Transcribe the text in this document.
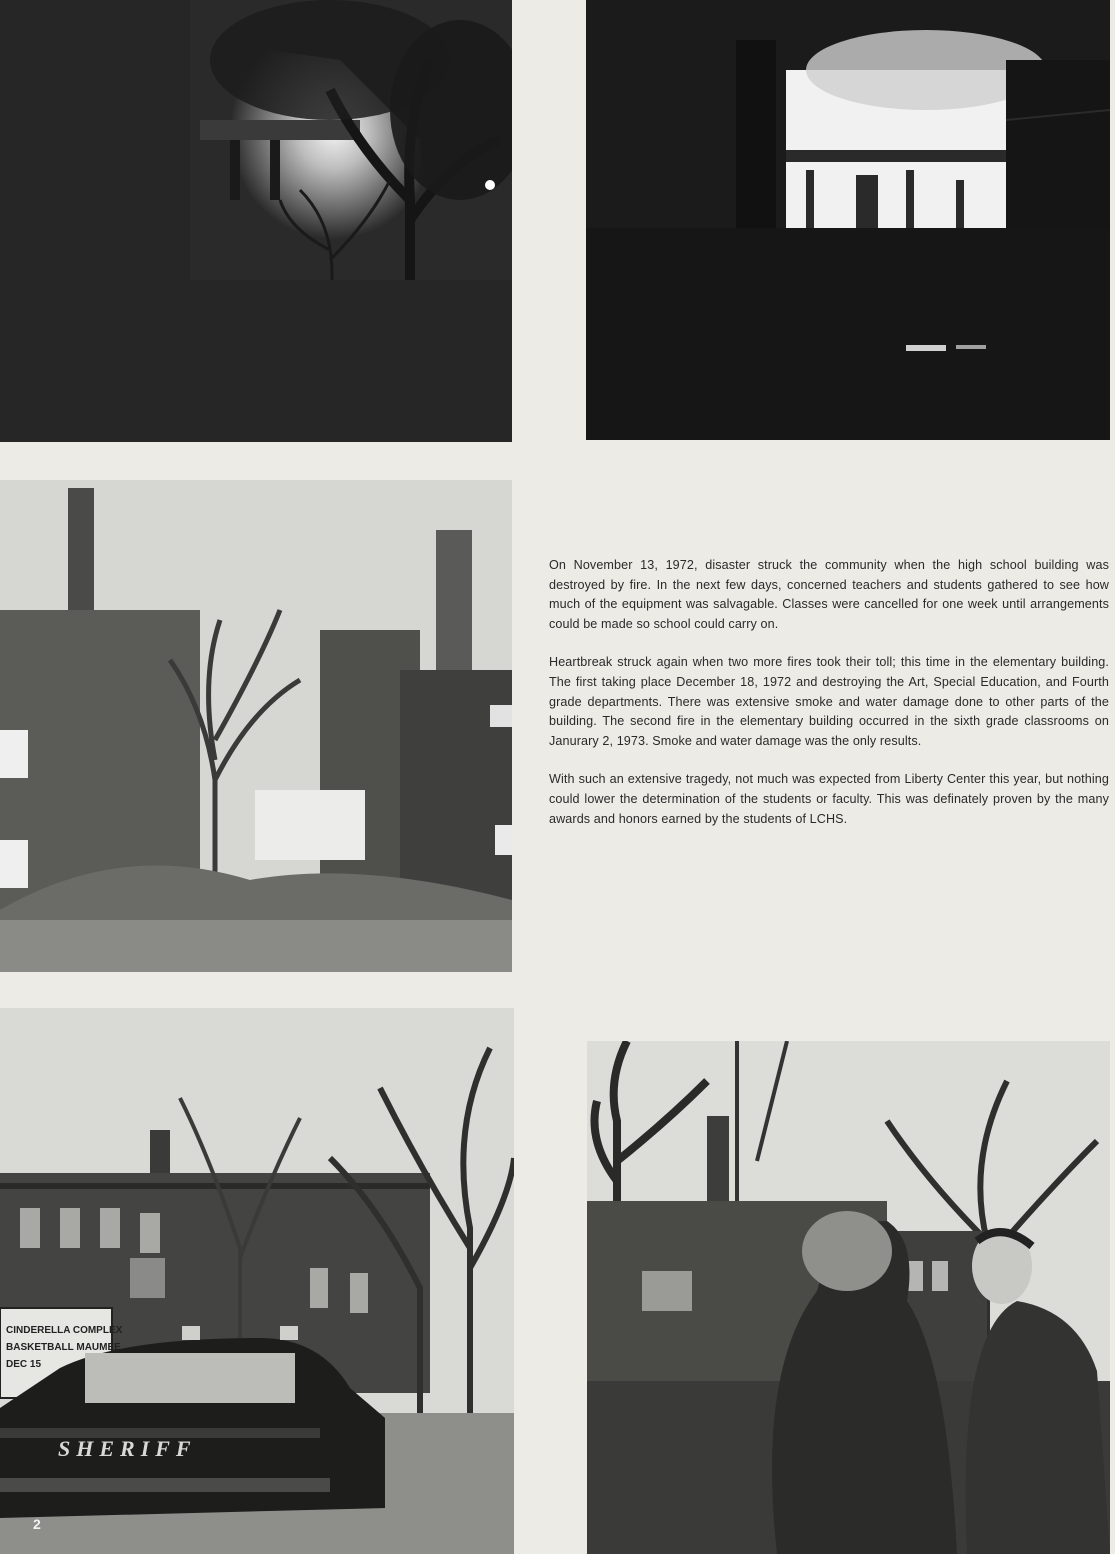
CINDERELLA COMPLEX
BASKETBALL MAUMEE
DEC 15
SHERIFF

On November 13, 1972, disaster struck the community when the high school building was destroyed by fire. In the next few days, concerned teachers and students gathered to see how much of the equipment was salvagable. Classes were cancelled for one week until arrangements could be made so school could carry on.

Heartbreak struck again when two more fires took their toll; this time in the elementary building. The first taking place December 18, 1972 and destroying the Art, Special Education, and Fourth grade departments. There was extensive smoke and water damage done to other parts of the building. The second fire in the elementary building occurred in the sixth grade classrooms on Janurary 2, 1973. Smoke and water damage was the only results.

With such an extensive tragedy, not much was expected from Liberty Center this year, but nothing could lower the determination of the students or faculty. This was definately proven by the many awards and honors earned by the students of LCHS.

2
